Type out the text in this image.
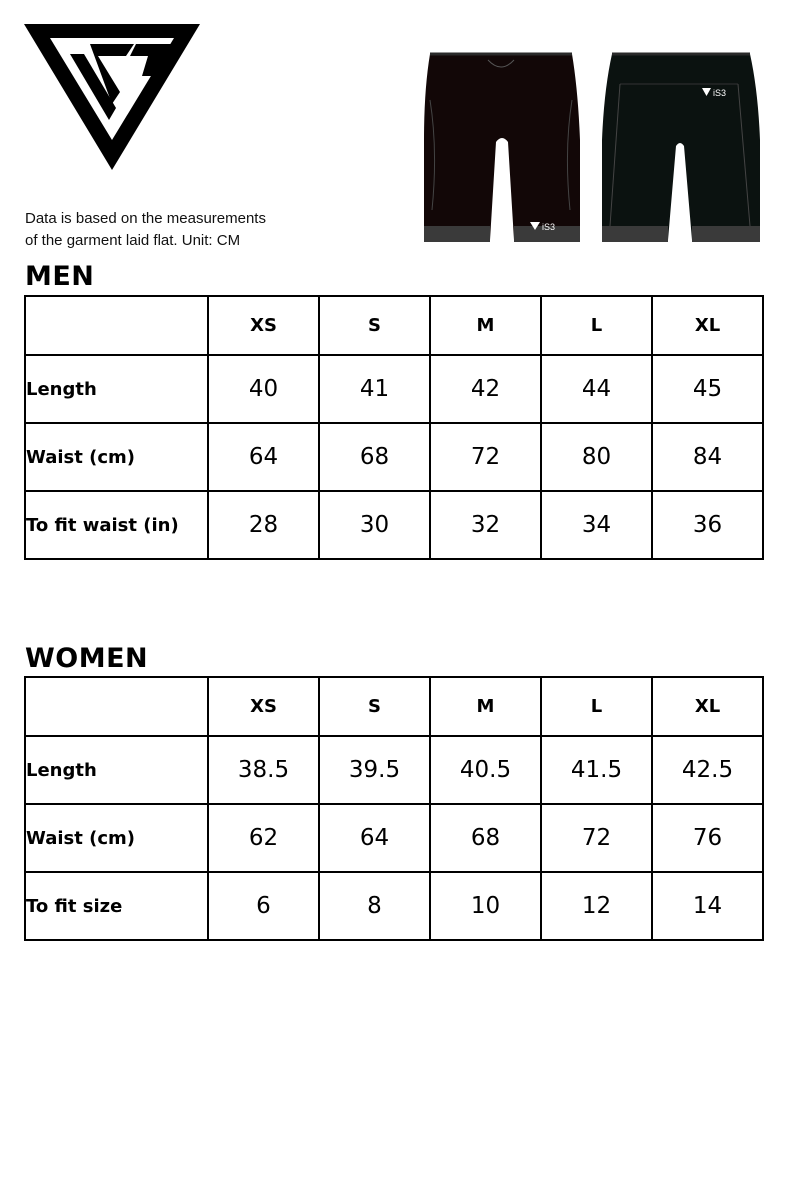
Data is based on the measurements
of the garment laid flat. Unit: CM
iS3
iS3
MEN
	XS	S	M	L	XL
Length	40	41	42	44	45
Waist (cm)	64	68	72	80	84
To fit waist (in)	28	30	32	34	36
WOMEN
	XS	S	M	L	XL
Length	38.5	39.5	40.5	41.5	42.5
Waist (cm)	62	64	68	72	76
To fit size	6	8	10	12	14
